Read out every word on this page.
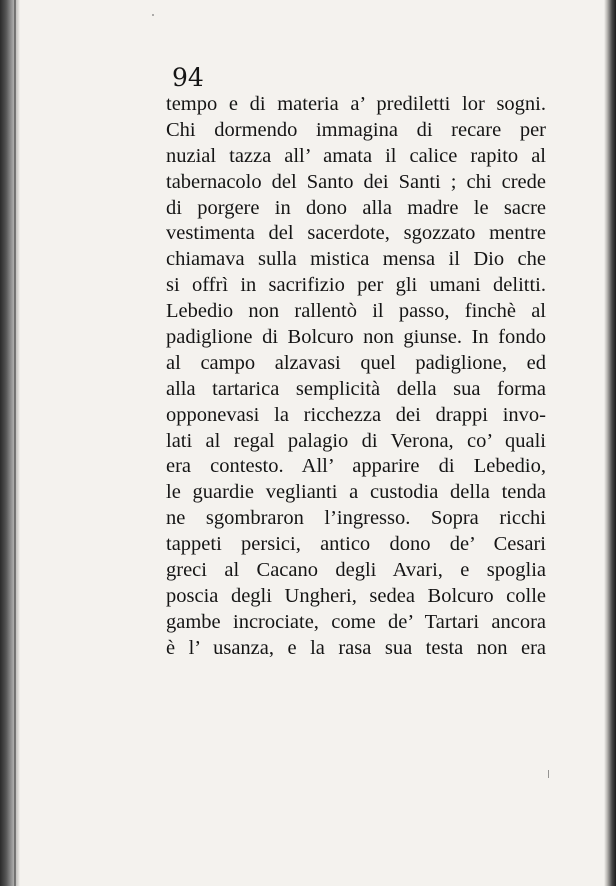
94

tempo e di materia a’ prediletti lor sogni.
Chi dormendo immagina di recare per
nuzial tazza all’ amata il calice rapito al
tabernacolo del Santo dei Santi ; chi crede
di porgere in dono alla madre le sacre
vestimenta del sacerdote, sgozzato mentre
chiamava sulla mistica mensa il Dio che
si offrì in sacrifizio per gli umani delitti.
Lebedio non rallentò il passo, finchè al
padiglione di Bolcuro non giunse. In fondo
al campo alzavasi quel padiglione, ed
alla tartarica semplicità della sua forma
opponevasi la ricchezza dei drappi invo-
lati al regal palagio di Verona, co’ quali
era contesto. All’ apparire di Lebedio,
le guardie veglianti a custodia della tenda
ne sgombraron l’ingresso. Sopra ricchi
tappeti persici, antico dono de’ Cesari
greci al Cacano degli Avari, e spoglia
poscia degli Ungheri, sedea Bolcuro colle
gambe incrociate, come de’ Tartari ancora
è l’ usanza, e la rasa sua testa non era
